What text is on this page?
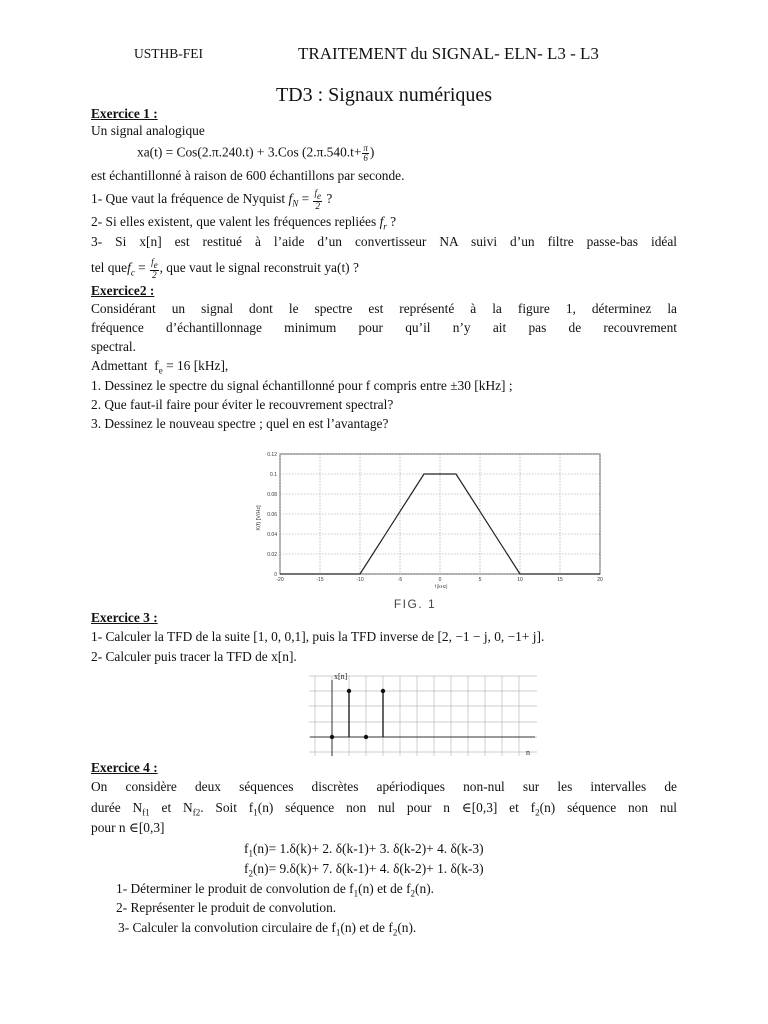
USTHB-FEI	TRAITEMENT du SIGNAL- ELN- L3 - L3
TD3 : Signaux numériques
Exercice 1 :
Un signal analogique
xa(t) = Cos(2.π.240.t) + 3.Cos ($2.\pi.540.t+ \frac{\pi}{6}$ )
est échantillonné à raison de 600 échantillons par seconde.
1- Que vaut la fréquence de Nyquist $f_N = \frac{f_e}{2}$ ?
2- Si elles existent, que valent les fréquences repliées $f_r$ ?
3- Si x[n] est restitué à l’aide d’un convertisseur NA suivi d’un filtre passe-bas idéal
tel quef$_c$ = $\frac{f_e}{2}$ , que vaut le signal reconstruit ya(t) ?
Exercice2 :
Considérant un signal dont le spectre est représenté à la figure 1, déterminez la
fréquence d’échantillonnage minimum pour qu’il n’y ait pas de recouvrement
spectral.
Admettant $f_e = 16$ [kHz],
1. Dessinez le spectre du signal échantillonné pour f compris entre ±30 [kHz] ;
2. Que faut-il faire pour éviter le recouvrement spectral?
3. Dessinez le nouveau spectre ; quel en est l’avantage?
-20	-15	-10	-5	0	5	10	15	20
0
0.02
0.04
0.06
0.08
0.1
0.12
X(f) [V/Hz]
f [kHz]
FIG. 1
Exercice 3 :
1- Calculer la TFD de la suite [1, 0, 0,1], puis la TFD inverse de [2, −1 − j, 0, −1+ j].
2- Calculer puis tracer la TFD de x[n].
x[n]
n
Exercice 4 :
On considère deux séquences discrètes apériodiques non-nul sur les intervalles de
durée $N_{f1}$ et $N_{f2}$. Soit $f_1(n)$ séquence non nul pour n ∈[0,3] et $f_2(n)$ séquence non nul
pour n ∈[0,3]
$f_1(n)= 1.\delta(k)+ 2$. δ(k-1)+ 3. δ(k-2)+ 4. δ(k-3)
$f_2(n)= 9.\delta(k)+ 7$. δ(k-1)+ 4. δ(k-2)+ 1. δ(k-3)
1- Déterminer le produit de convolution de $f_1(n)$ et de $f_2(n)$.
2- Représenter le produit de convolution.
3- Calculer la convolution circulaire de $f_1(n)$ et de $f_2(n)$.
